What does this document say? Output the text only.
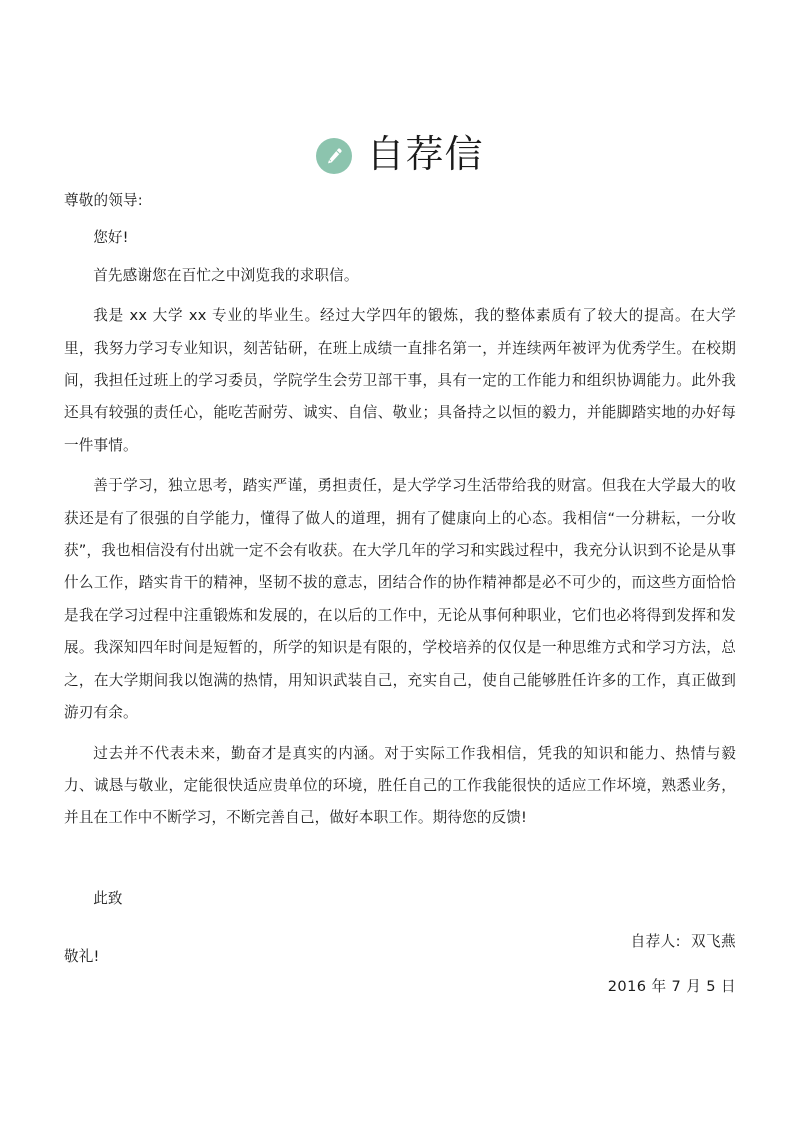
自荐信

尊敬的领导:

您好!

首先感谢您在百忙之中浏览我的求职信。

我是 xx 大学 xx 专业的毕业生。经过大学四年的锻炼，我的整体素质有了较大的提高。在大学里，我努力学习专业知识，刻苦钻研，在班上成绩一直排名第一，并连续两年被评为优秀学生。在校期间，我担任过班上的学习委员，学院学生会劳卫部干事，具有一定的工作能力和组织协调能力。此外我还具有较强的责任心，能吃苦耐劳、诚实、自信、敬业；具备持之以恒的毅力，并能脚踏实地的办好每一件事情。

善于学习，独立思考，踏实严谨，勇担责任，是大学学习生活带给我的财富。但我在大学最大的收获还是有了很强的自学能力，懂得了做人的道理，拥有了健康向上的心态。我相信“一分耕耘，一分收获”，我也相信没有付出就一定不会有收获。在大学几年的学习和实践过程中，我充分认识到不论是从事什么工作，踏实肯干的精神，坚韧不拔的意志，团结合作的协作精神都是必不可少的，而这些方面恰恰是我在学习过程中注重锻炼和发展的，在以后的工作中，无论从事何种职业，它们也必将得到发挥和发展。我深知四年时间是短暂的，所学的知识是有限的，学校培养的仅仅是一种思维方式和学习方法，总之，在大学期间我以饱满的热情，用知识武装自己，充实自己，使自己能够胜任许多的工作，真正做到游刃有余。

过去并不代表未来，勤奋才是真实的内涵。对于实际工作我相信，凭我的知识和能力、热情与毅力、诚恳与敬业，定能很快适应贵单位的环境，胜任自己的工作我能很快的适应工作坏境，熟悉业务，并且在工作中不断学习，不断完善自己，做好本职工作。期待您的反馈!

此致

敬礼!

自荐人:  双飞燕
2016 年 7 月 5 日
